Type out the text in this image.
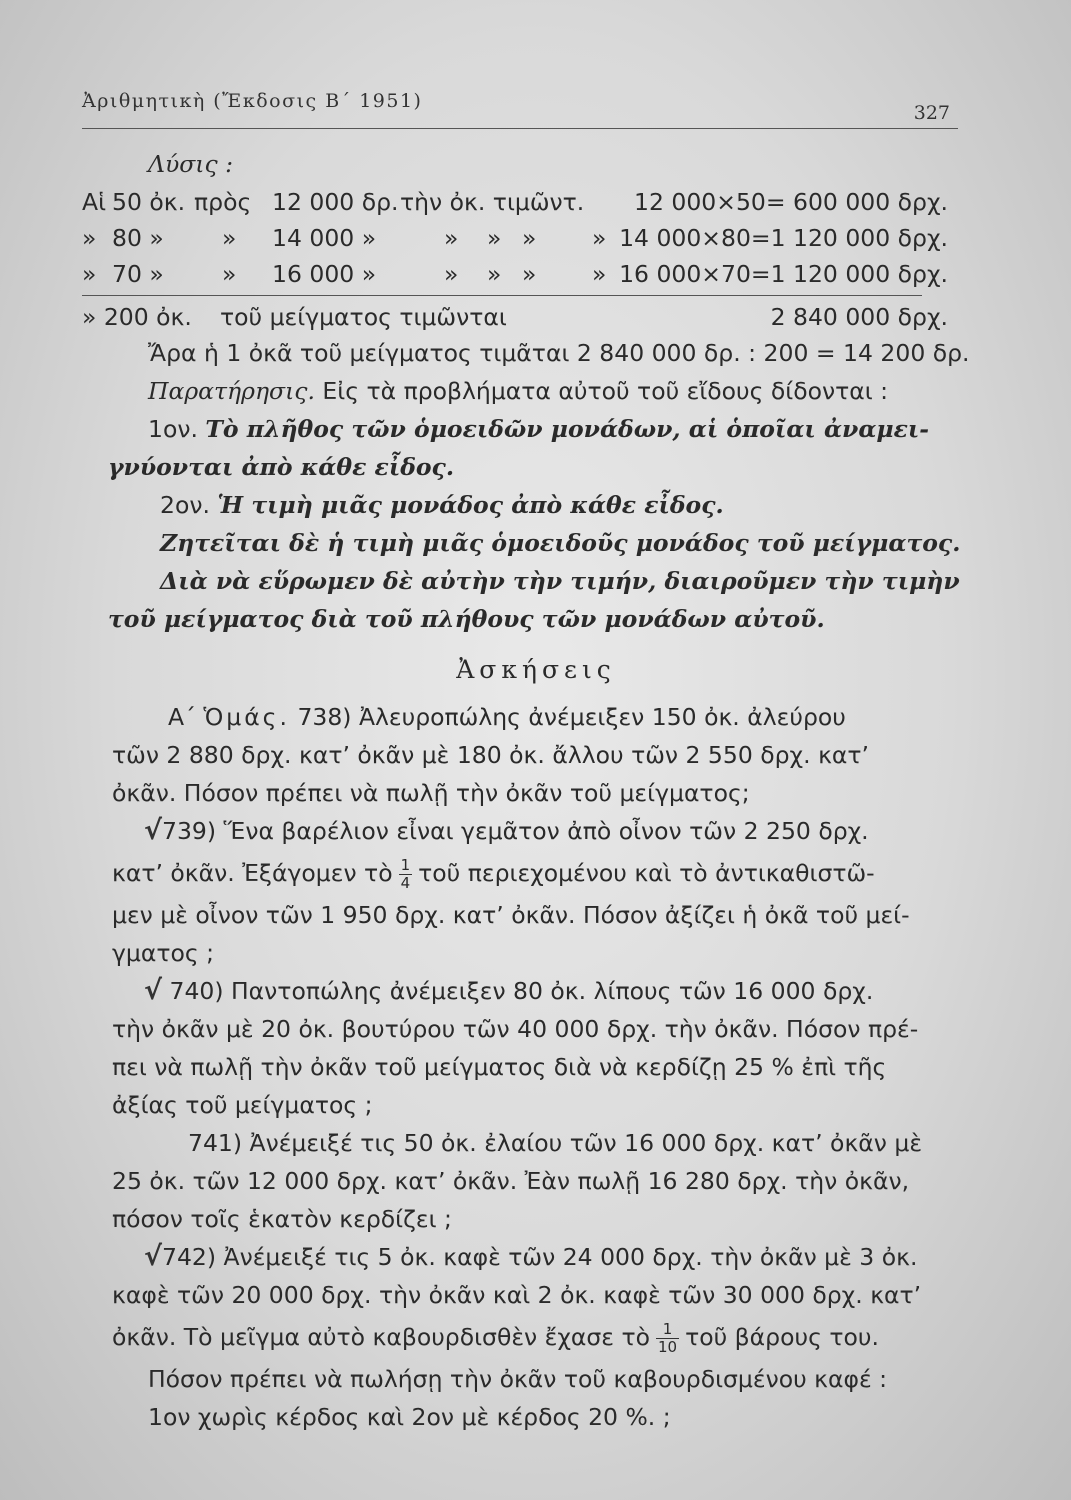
Ἀριθμητικὴ (Ἔκδοσις Β΄ 1951)
327
Λύσις :
Αἱ 50 ὀκ. πρὸς 12 000 δρ. τὴν ὀκ. τιμῶντ. 12 000×50= 600 000 δρχ.
» 80 » » 14 000 »	» » » » 14 000×80=1 120 000 δρχ.
» 70 » » 16 000 »	» » » » 16 000×70=1 120 000 δρχ.
» 200 ὀκ. τοῦ μείγματος τιμῶνται	2 840 000 δρχ.
Ἄρα ἡ 1 ὀκᾶ τοῦ μείγματος τιμᾶται 2 840 000 δρ. : 200 = 14 200 δρ.
Παρατήρησις. Εἰς τὰ προβλήματα αὐτοῦ τοῦ εἴδους δίδονται :
1ον. Τὸ πλῆθος τῶν ὁμοειδῶν μονάδων, αἱ ὁποῖαι ἀναμει-
γνύονται ἀπὸ κάθε εἶδος.
2ον. Ἡ τιμὴ μιᾶς μονάδος ἀπὸ κάθε εἶδος.
Ζητεῖται δὲ ἡ τιμὴ μιᾶς ὁμοειδοῦς μονάδος τοῦ μείγματος.
Διὰ νὰ εὕρωμεν δὲ αὐτὴν τὴν τιμήν, διαιροῦμεν τὴν τιμὴν
τοῦ μείγματος διὰ τοῦ πλήθους τῶν μονάδων αὐτοῦ.
Ἀσκήσεις
Α΄ Ὁμάς. 738) Ἀλευροπώλης ἀνέμειξεν 150 ὀκ. ἀλεύρου
τῶν 2 880 δρχ. κατ’ ὀκᾶν μὲ 180 ὀκ. ἄλλου τῶν 2 550 δρχ. κατ’
ὀκᾶν. Πόσον πρέπει νὰ πωλῇ τὴν ὀκᾶν τοῦ μείγματος;
√739) Ἕνα βαρέλιον εἶναι γεμᾶτον ἀπὸ οἶνον τῶν 2 250 δρχ.
κατ’ ὀκᾶν. Ἐξάγομεν τὸ $\frac{1}{4}$ τοῦ περιεχομένου καὶ τὸ ἀντικαθιστῶ-
μεν μὲ οἶνον τῶν 1 950 δρχ. κατ’ ὀκᾶν. Πόσον ἀξίζει ἡ ὀκᾶ τοῦ μεί-
γματος ;
√ 740) Παντοπώλης ἀνέμειξεν 80 ὀκ. λίπους τῶν 16 000 δρχ.
τὴν ὀκᾶν μὲ 20 ὀκ. βουτύρου τῶν 40 000 δρχ. τὴν ὀκᾶν. Πόσον πρέ-
πει νὰ πωλῇ τὴν ὀκᾶν τοῦ μείγματος διὰ νὰ κερδίζῃ 25 % ἐπὶ τῆς
ἀξίας τοῦ μείγματος ;
741) Ἀνέμειξέ τις 50 ὀκ. ἐλαίου τῶν 16 000 δρχ. κατ’ ὀκᾶν μὲ
25 ὀκ. τῶν 12 000 δρχ. κατ’ ὀκᾶν. Ἐὰν πωλῇ 16 280 δρχ. τὴν ὀκᾶν,
πόσον τοῖς ἑκατὸν κερδίζει ;
√742) Ἀνέμειξέ τις 5 ὀκ. καφὲ τῶν 24 000 δρχ. τὴν ὀκᾶν μὲ 3 ὀκ.
καφὲ τῶν 20 000 δρχ. τὴν ὀκᾶν καὶ 2 ὀκ. καφὲ τῶν 30 000 δρχ. κατ’
ὀκᾶν. Τὸ μεῖγμα αὐτὸ καβουρδισθὲν ἔχασε τὸ $\frac{1}{10}$ τοῦ βάρους του.
Πόσον πρέπει νὰ πωλήσῃ τὴν ὀκᾶν τοῦ καβουρδισμένου καφέ :
1ον χωρὶς κέρδος καὶ 2ον μὲ κέρδος 20 %. ;
